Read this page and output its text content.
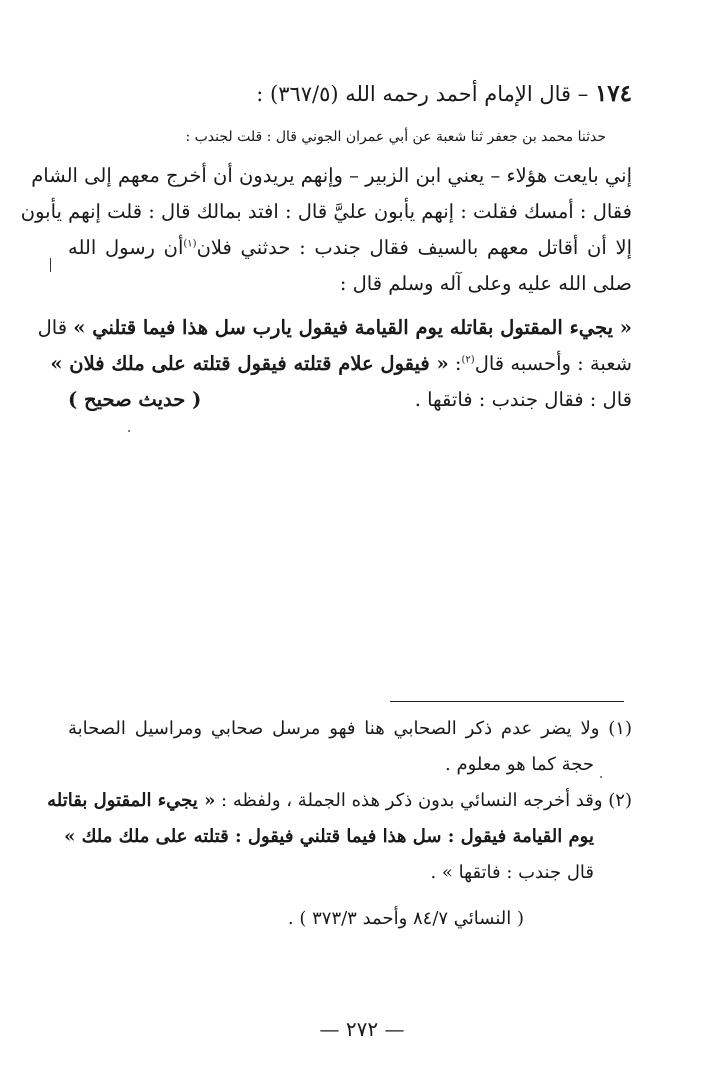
١٧٤ – قال الإمام أحمد رحمه الله (٣٦٧/٥) :
حدثنا محمد بن جعفر ثنا شعبة عن أبي عمران الجوني قال : قلت لجندب :
إني بايعت هؤلاء – يعني ابن الزبير – وإنهم يريدون أن أخرج معهم إلى الشام
فقال : أمسك فقلت : إنهم يأبون عليَّ قال : افتد بمالك قال : قلت إنهم يأبون
إلا أن أقاتل معهم بالسيف فقال جندب : حدثني فلان$^{(١)}$أن رسول الله
صلى الله عليه وعلى آله وسلم قال :
« يجيء المقتول بقاتله يوم القيامة فيقول يارب سل هذا فيما قتلني » قال
شعبة : وأحسبه قال$^{(٢)}$: « فيقول علام قتلته فيقول قتلته على ملك فلان »
قال : فقال جندب : فاتقها .
( حديث صحيح )
(١) ولا يضر عدم ذكر الصحابي هنا فهو مرسل صحابي ومراسيل الصحابة
حجة كما هو معلوم .
(٢) وقد أخرجه النسائي بدون ذكر هذه الجملة ، ولفظه : « يجيء المقتول بقاتله
يوم القيامة فيقول : سل هذا فيما قتلني فيقول : قتلته على ملك ملك »
قال جندب : فاتقها » .
( النسائي ٨٤/٧ وأحمد ٣٧٣/٣ ) .
— ٢٧٢ —
